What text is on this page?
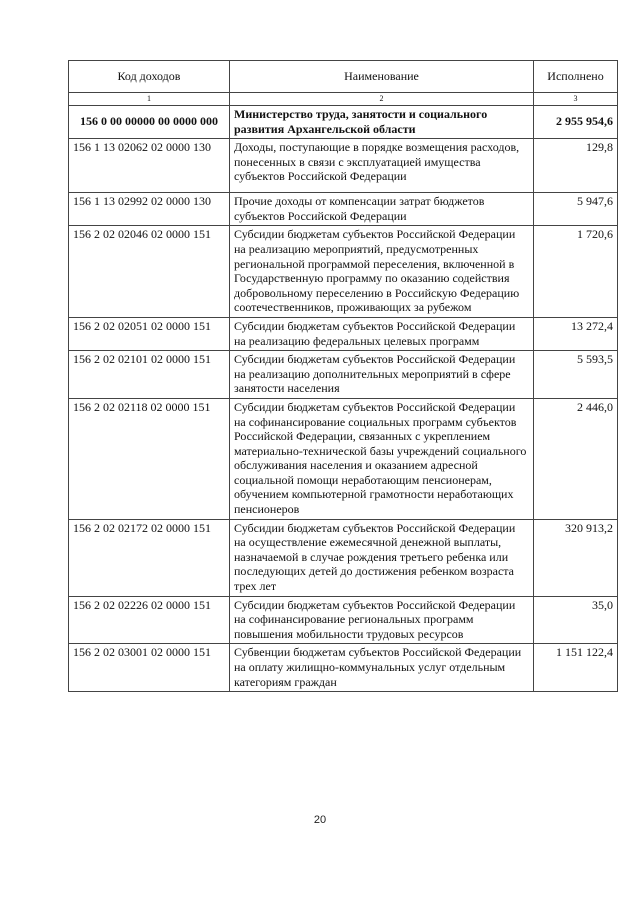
Код доходов	Наименование	Исполнено
1	2	3
156 0 00 00000 00 0000 000	Министерство труда, занятости и социального развития Архангельской области	2 955 954,6
156 1 13 02062 02 0000 130	Доходы, поступающие в порядке возмещения расходов, понесенных в связи с эксплуатацией имущества субъектов Российской Федерации	129,8
156 1 13 02992 02 0000 130	Прочие доходы от компенсации затрат бюджетов субъектов Российской Федерации	5 947,6
156 2 02 02046 02 0000 151	Субсидии бюджетам субъектов Российской Федерации на реализацию мероприятий, предусмотренных региональной программой переселения, включенной в Государственную программу по оказанию содействия добровольному переселению в Российскую Федерацию соотечественников, проживающих за рубежом	1 720,6
156 2 02 02051 02 0000 151	Субсидии бюджетам субъектов Российской Федерации на реализацию федеральных целевых программ	13 272,4
156 2 02 02101 02 0000 151	Субсидии бюджетам субъектов Российской Федерации на реализацию дополнительных мероприятий в сфере занятости населения	5 593,5
156 2 02 02118 02 0000 151	Субсидии бюджетам субъектов Российской Федерации на софинансирование социальных программ субъектов Российской Федерации, связанных с укреплением материально-технической базы учреждений социального обслуживания населения и оказанием адресной социальной помощи неработающим пенсионерам, обучением компьютерной грамотности неработающих пенсионеров	2 446,0
156 2 02 02172 02 0000 151	Субсидии бюджетам субъектов Российской Федерации на осуществление ежемесячной денежной выплаты, назначаемой в случае рождения третьего ребенка или последующих детей до достижения ребенком возраста трех лет	320 913,2
156 2 02 02226 02 0000 151	Субсидии бюджетам субъектов Российской Федерации на софинансирование региональных программ повышения мобильности трудовых ресурсов	35,0
156 2 02 03001 02 0000 151	Субвенции бюджетам субъектов Российской Федерации на оплату жилищно-коммунальных услуг отдельным категориям граждан	1 151 122,4
20
